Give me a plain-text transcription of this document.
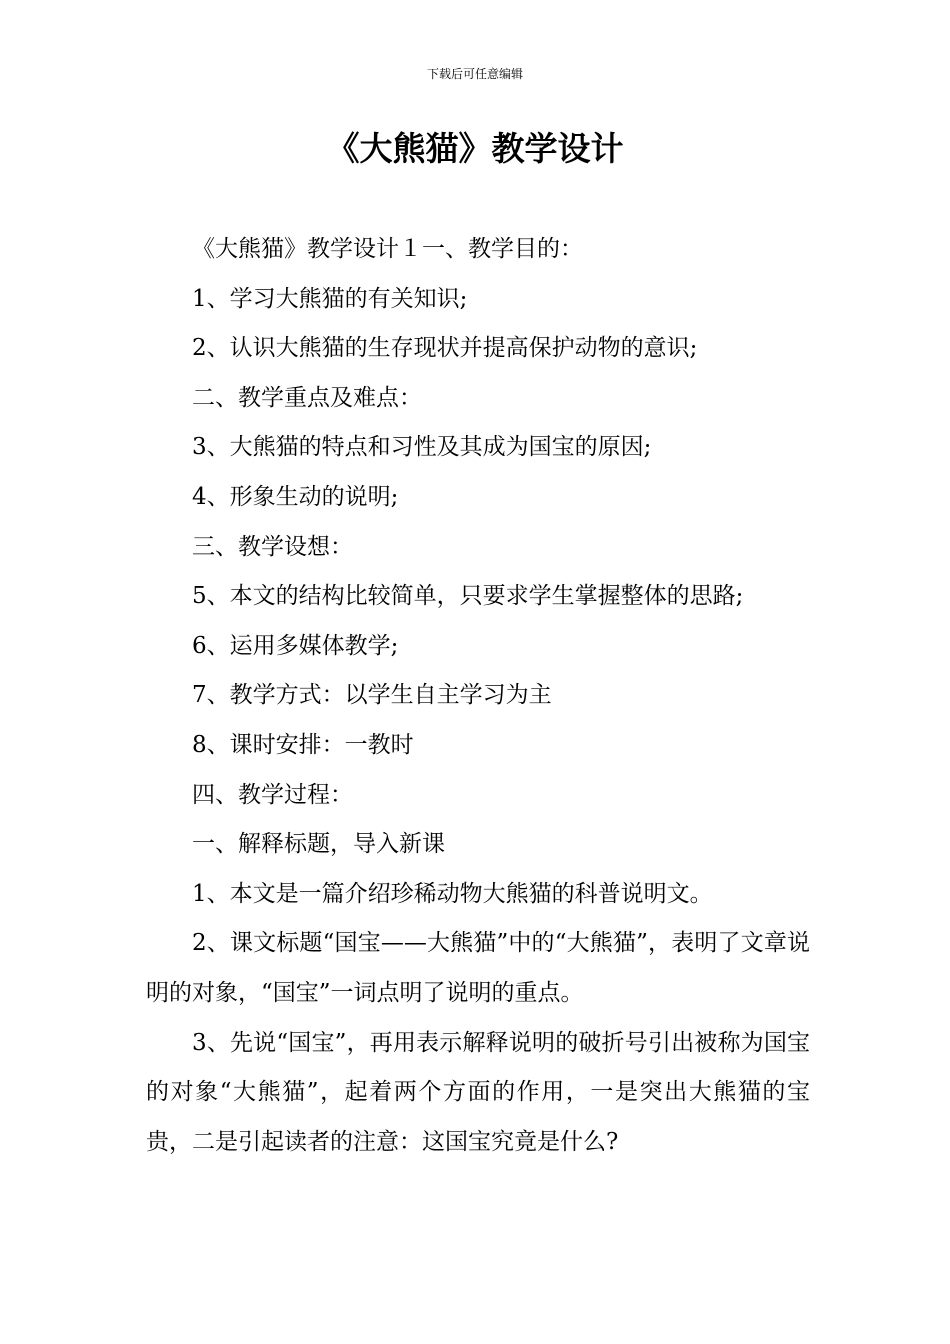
下载后可任意编辑
《大熊猫》教学设计

《大熊猫》教学设计１一、教学目的：

1、学习大熊猫的有关知识;

2、认识大熊猫的生存现状并提高保护动物的意识;

二、教学重点及难点：

3、大熊猫的特点和习性及其成为国宝的原因;

4、形象生动的说明;

三、教学设想：

5、本文的结构比较简单，只要求学生掌握整体的思路;

6、运用多媒体教学;

7、教学方式：以学生自主学习为主

8、课时安排：一教时

四、教学过程：

一、解释标题，导入新课

1、本文是一篇介绍珍稀动物大熊猫的科普说明文。

2、课文标题“国宝——大熊猫”中的“大熊猫”，表明了文章说明的对象，“国宝”一词点明了说明的重点。

3、先说“国宝”，再用表示解释说明的破折号引出被称为国宝的对象“大熊猫”，起着两个方面的作用，一是突出大熊猫的宝贵，二是引起读者的注意：这国宝究竟是什么?
